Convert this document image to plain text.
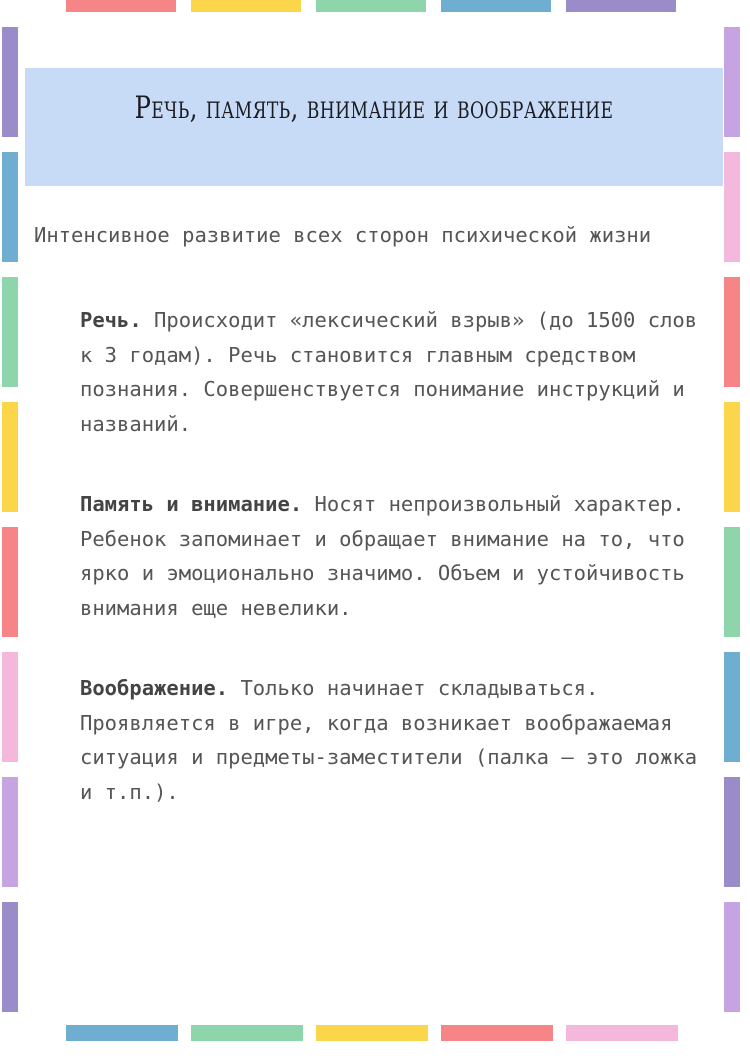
Речь, память, внимание и воображение
Интенсивное развитие всех сторон психической жизни

Речь. Происходит «лексический взрыв» (до 1500 слов к 3 годам). Речь становится главным средством познания. Совершенствуется понимание инструкций и названий.

Память и внимание. Носят непроизвольный характер. Ребенок запоминает и обращает внимание на то, что ярко и эмоционально значимо. Объем и устойчивость внимания еще невелики.

Воображение. Только начинает складываться. Проявляется в игре, когда возникает воображаемая ситуация и предметы-заместители (палка — это ложка и т.п.).
